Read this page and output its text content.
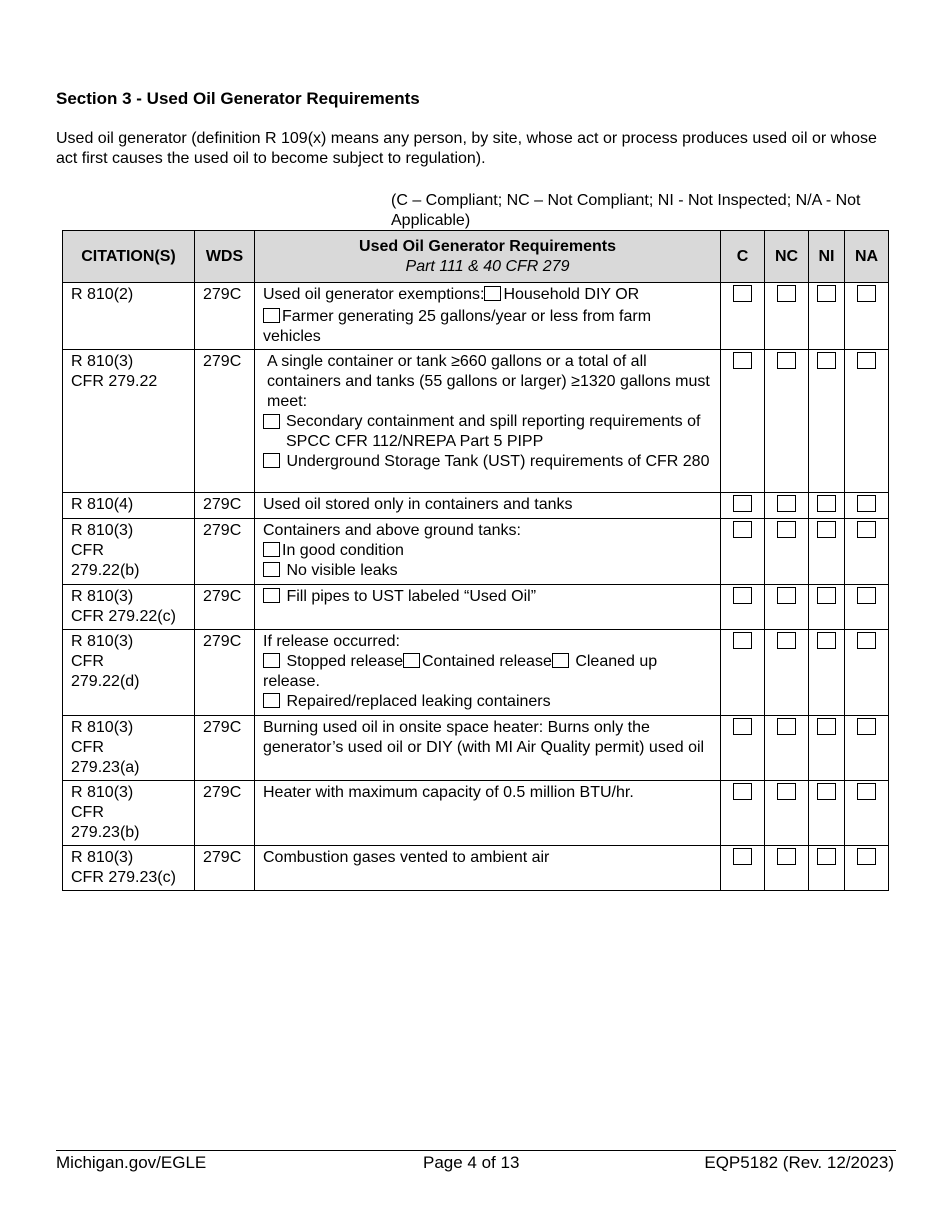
Section 3 - Used Oil Generator Requirements
Used oil generator (definition R 109(x) means any person, by site, whose act or process produces used oil or whose act first causes the used oil to become subject to regulation).
(C – Compliant; NC – Not Compliant; NI - Not Inspected; N/A - Not Applicable)
CITATION(S)	WDS	Used Oil Generator Requirements
Part 111 & 40 CFR 279	C	NC	NI	NA

R 810(2)	279C	Used oil generator exemptions: Household DIY OR
Farmer generating 25 gallons/year or less from farm vehicles				

R 810(3)
CFR 279.22	279C	A single container or tank ≥660 gallons or a total of all containers and tanks (55 gallons or larger) ≥1320 gallons must meet:
Secondary containment and spill reporting requirements of SPCC CFR 112/NREPA Part 5 PIPP
Underground Storage Tank (UST) requirements of CFR 280				

R 810(4)	279C	Used oil stored only in containers and tanks				

R 810(3)
CFR
279.22(b)	279C	Containers and above ground tanks:
In good condition
No visible leaks				

R 810(3)
CFR 279.22(c)	279C	Fill pipes to UST labeled “Used Oil”				

R 810(3)
CFR
279.22(d)	279C	If release occurred:
Stopped release Contained release Cleaned up release.
Repaired/replaced leaking containers				

R 810(3)
CFR
279.23(a)	279C	Burning used oil in onsite space heater: Burns only the generator’s used oil or DIY (with MI Air Quality permit) used oil				

R 810(3)
CFR
279.23(b)	279C	Heater with maximum capacity of 0.5 million BTU/hr.				

R 810(3)
CFR 279.23(c)	279C	Combustion gases vented to ambient air				
Michigan.gov/EGLE	Page 4 of 13	EQP5182 (Rev. 12/2023)
